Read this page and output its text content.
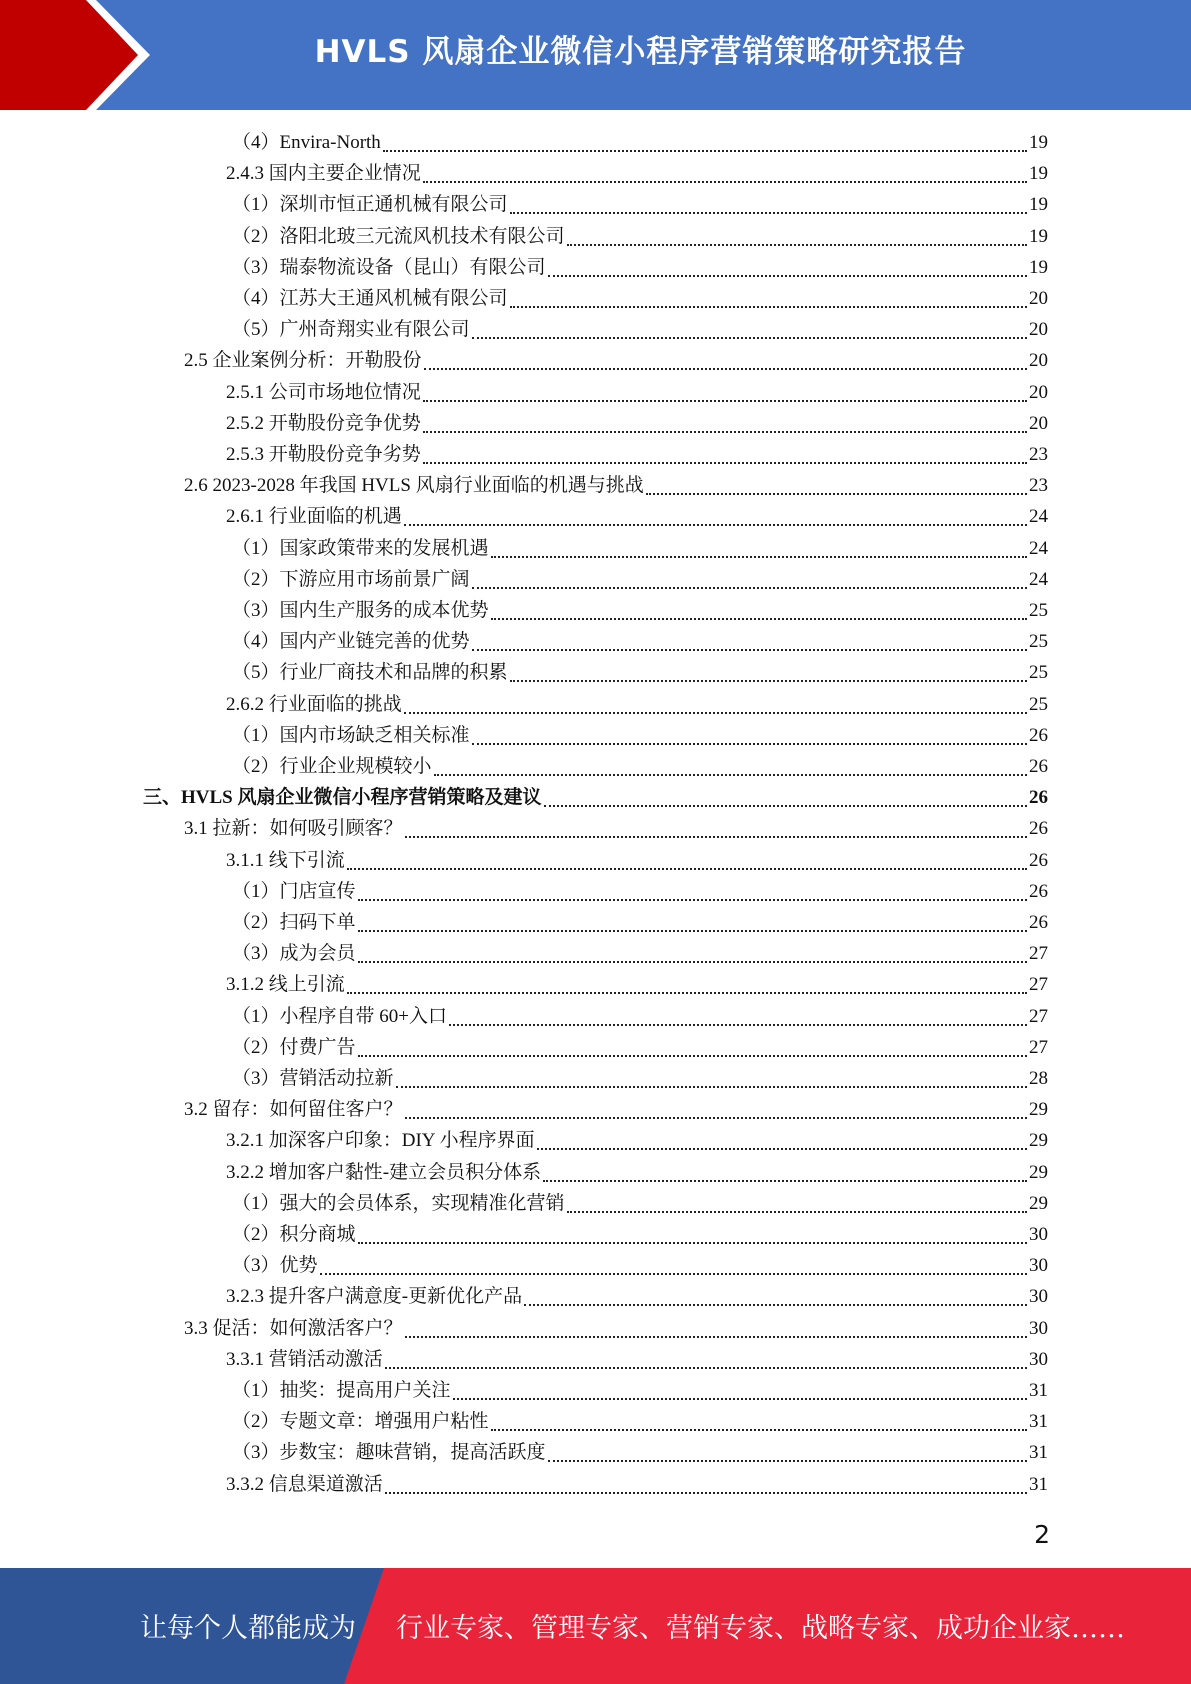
HVLS 风扇企业微信小程序营销策略研究报告
（4）Envira-North	19
2.4.3 国内主要企业情况	19
（1）深圳市恒正通机械有限公司	19
（2）洛阳北玻三元流风机技术有限公司	19
（3）瑞泰物流设备（昆山）有限公司	19
（4）江苏大王通风机械有限公司	20
（5）广州奇翔实业有限公司	20
2.5 企业案例分析：开勒股份	20
2.5.1 公司市场地位情况	20
2.5.2 开勒股份竞争优势	20
2.5.3 开勒股份竞争劣势	23
2.6 2023-2028 年我国 HVLS 风扇行业面临的机遇与挑战	23
2.6.1 行业面临的机遇	24
（1）国家政策带来的发展机遇	24
（2）下游应用市场前景广阔	24
（3）国内生产服务的成本优势	25
（4）国内产业链完善的优势	25
（5）行业厂商技术和品牌的积累	25
2.6.2 行业面临的挑战	25
（1）国内市场缺乏相关标准	26
（2）行业企业规模较小	26
三、HVLS 风扇企业微信小程序营销策略及建议	26
3.1 拉新：如何吸引顾客？	26
3.1.1 线下引流	26
（1）门店宣传	26
（2）扫码下单	26
（3）成为会员	27
3.1.2 线上引流	27
（1）小程序自带 60+入口	27
（2）付费广告	27
（3）营销活动拉新	28
3.2 留存：如何留住客户？	29
3.2.1 加深客户印象：DIY 小程序界面	29
3.2.2 增加客户黏性-建立会员积分体系	29
（1）强大的会员体系，实现精准化营销	29
（2）积分商城	30
（3）优势	30
3.2.3 提升客户满意度-更新优化产品	30
3.3 促活：如何激活客户？	30
3.3.1 营销活动激活	30
（1）抽奖：提高用户关注	31
（2）专题文章：增强用户粘性	31
（3）步数宝：趣味营销，提高活跃度	31
3.3.2 信息渠道激活	31
2
让每个人都能成为 行业专家、管理专家、营销专家、战略专家、成功企业家……
